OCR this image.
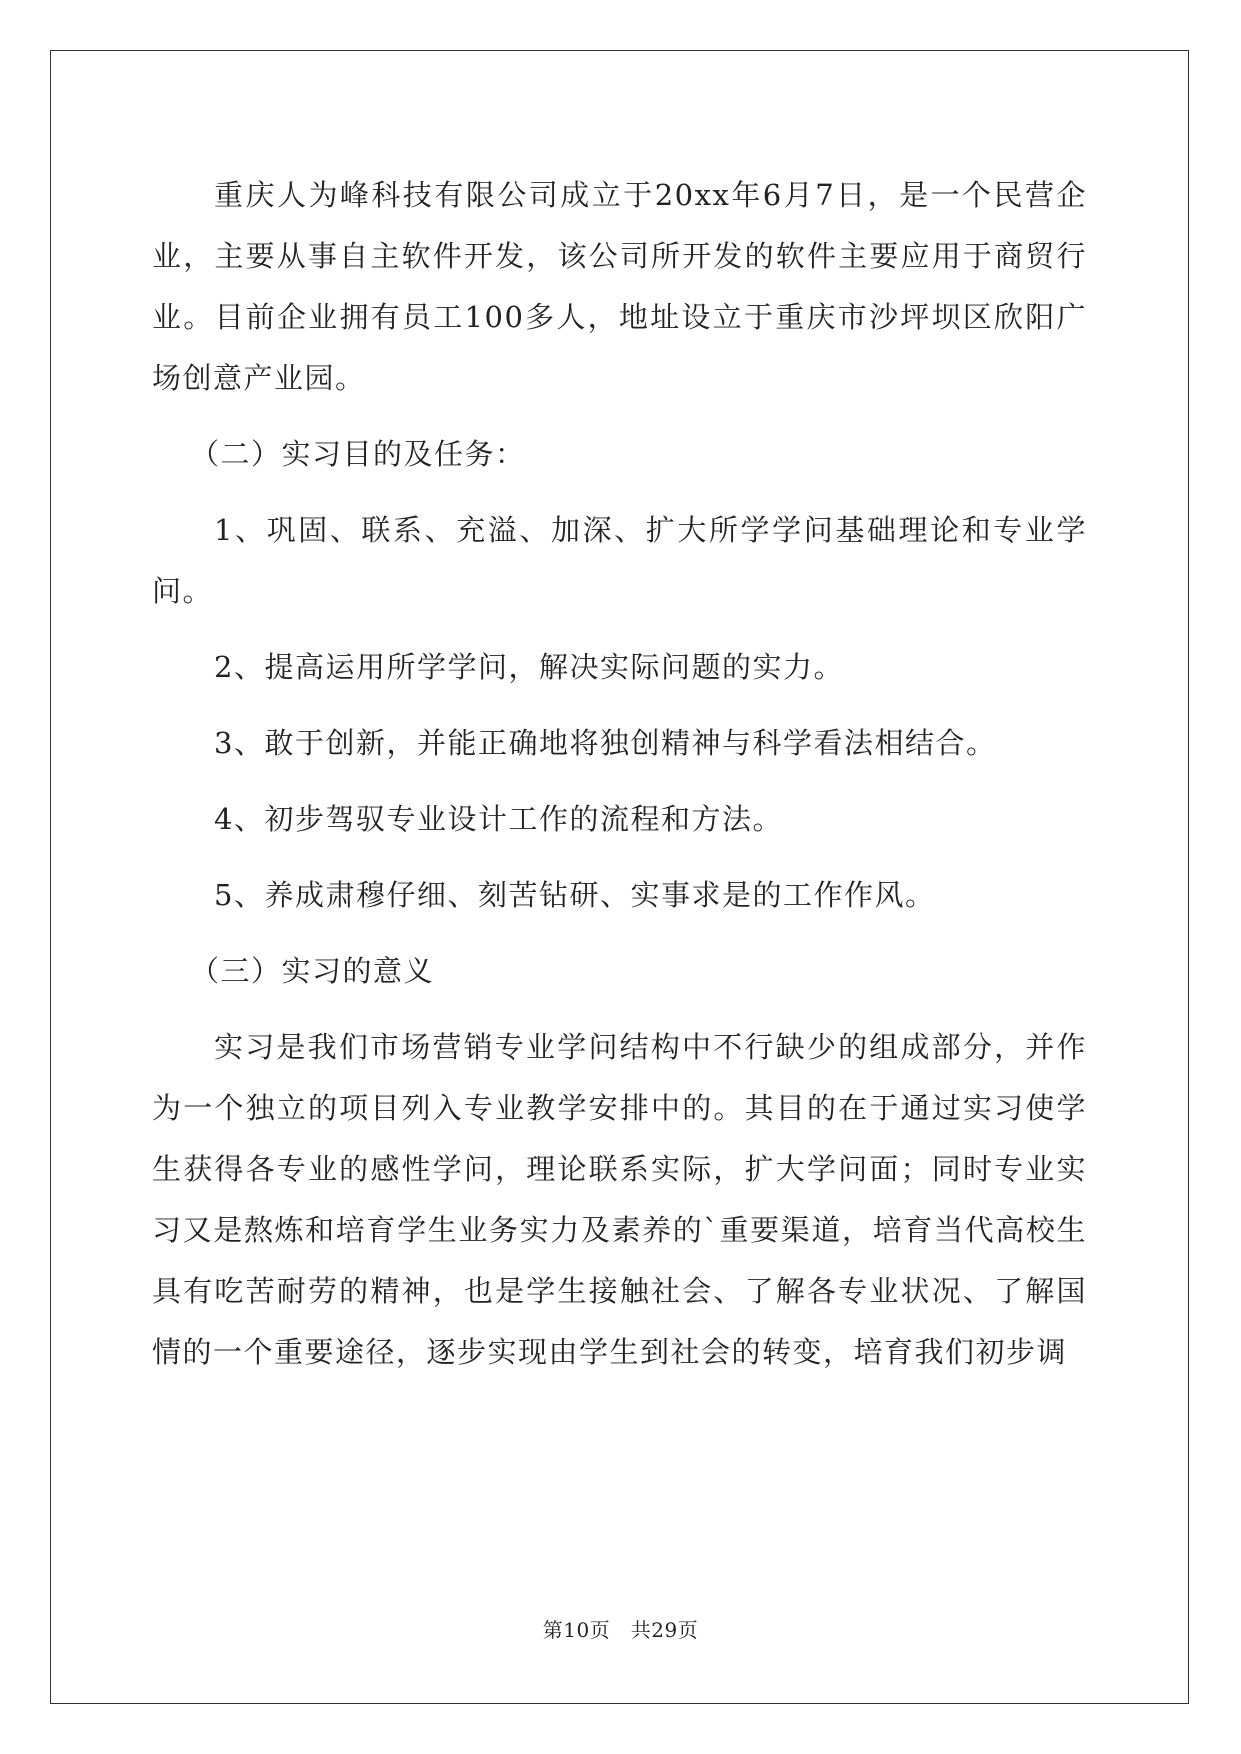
重庆人为峰科技有限公司成立于20xx年6月7日，是一个民营企业，主要从事自主软件开发，该公司所开发的软件主要应用于商贸行业。目前企业拥有员工100多人，地址设立于重庆市沙坪坝区欣阳广场创意产业园。

（二）实习目的及任务：

1、巩固、联系、充溢、加深、扩大所学学问基础理论和专业学问。

2、提高运用所学学问，解决实际问题的实力。

3、敢于创新，并能正确地将独创精神与科学看法相结合。

4、初步驾驭专业设计工作的流程和方法。

5、养成肃穆仔细、刻苦钻研、实事求是的工作作风。

（三）实习的意义

实习是我们市场营销专业学问结构中不行缺少的组成部分，并作为一个独立的项目列入专业教学安排中的。其目的在于通过实习使学生获得各专业的感性学问，理论联系实际，扩大学问面；同时专业实习又是熬炼和培育学生业务实力及素养的`重要渠道，培育当代高校生具有吃苦耐劳的精神，也是学生接触社会、了解各专业状况、了解国情的一个重要途径，逐步实现由学生到社会的转变，培育我们初步调

第10页　共29页
